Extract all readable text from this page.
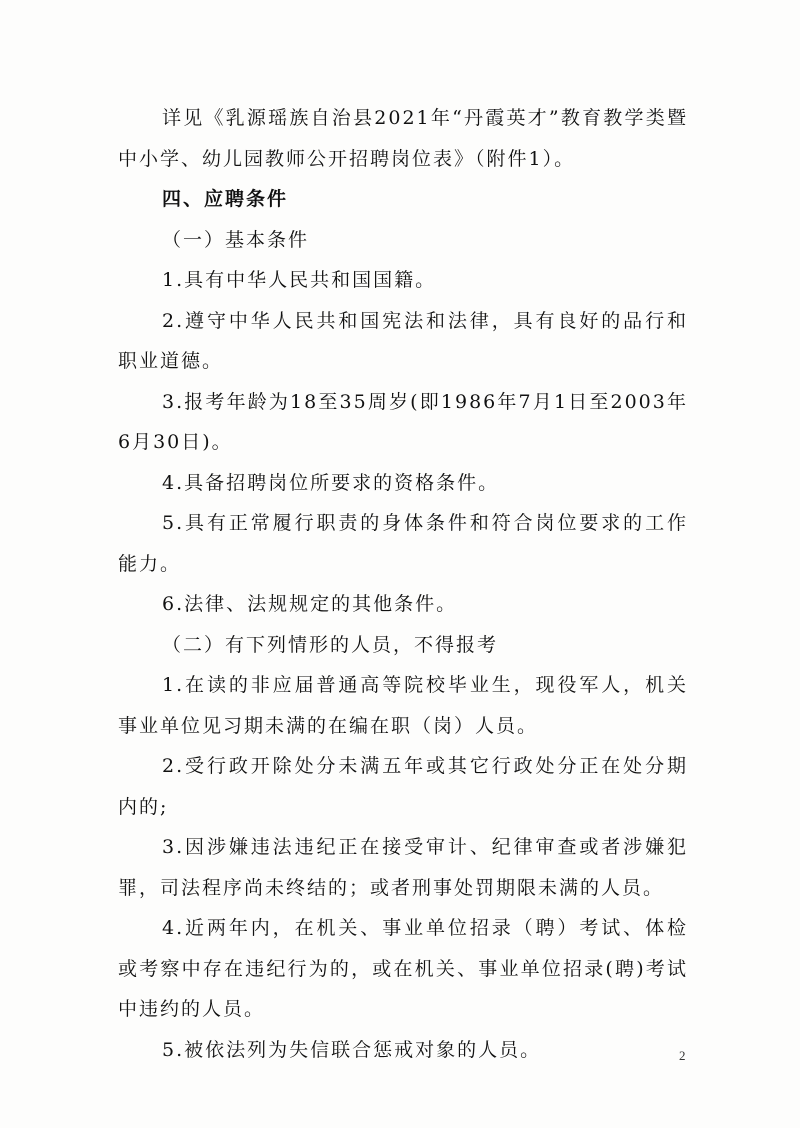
详见《乳源瑶族自治县2021年“丹霞英才”教育教学类暨中小学、幼儿园教师公开招聘岗位表》（附件1）。

四、应聘条件

（一）基本条件

1.具有中华人民共和国国籍。

2.遵守中华人民共和国宪法和法律，具有良好的品行和职业道德。

3.报考年龄为18至35周岁(即1986年7月1日至2003年6月30日)。

4.具备招聘岗位所要求的资格条件。

5.具有正常履行职责的身体条件和符合岗位要求的工作能力。

6.法律、法规规定的其他条件。

（二）有下列情形的人员，不得报考

1.在读的非应届普通高等院校毕业生，现役军人，机关事业单位见习期未满的在编在职（岗）人员。

2.受行政开除处分未满五年或其它行政处分正在处分期内的;

3.因涉嫌违法违纪正在接受审计、纪律审查或者涉嫌犯罪，司法程序尚未终结的；或者刑事处罚期限未满的人员。

4.近两年内，在机关、事业单位招录（聘）考试、体检或考察中存在违纪行为的，或在机关、事业单位招录(聘)考试中违约的人员。

5.被依法列为失信联合惩戒对象的人员。	2
